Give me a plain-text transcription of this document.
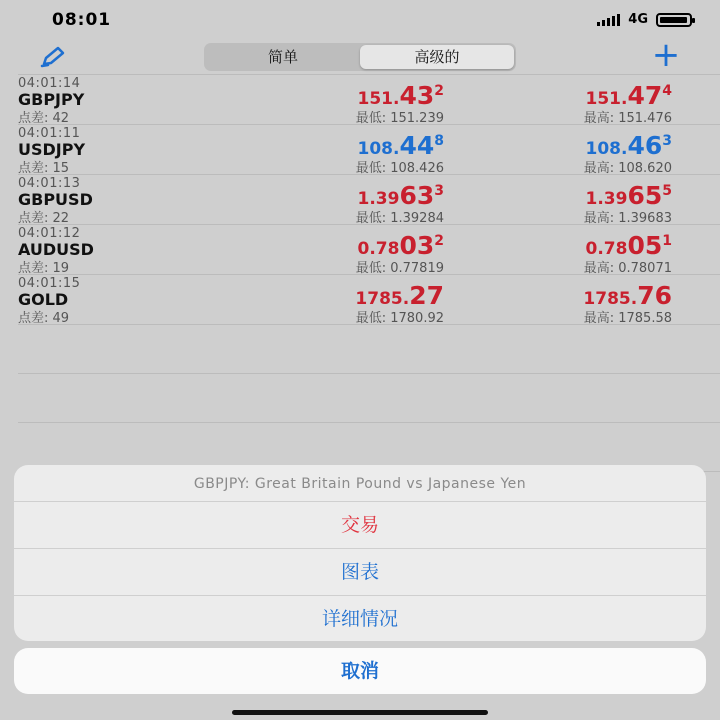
08:01	4G
简单	高级的	+
04:01:14
GBPJPY
点差: 42
151.432	151.474
最低: 151.239	最高: 151.476
04:01:11
USDJPY
点差: 15
108.448	108.463
最低: 108.426	最高: 108.620
04:01:13
GBPUSD
点差: 22
1.39633	1.39655
最低: 1.39284	最高: 1.39683
04:01:12
AUDUSD
点差: 19
0.78032	0.78051
最低: 0.77819	最高: 0.78071
04:01:15
GOLD
点差: 49
1785.27	1785.76
最低: 1780.92	最高: 1785.58
GBPJPY: Great Britain Pound vs Japanese Yen
交易
图表
详细情况
取消
